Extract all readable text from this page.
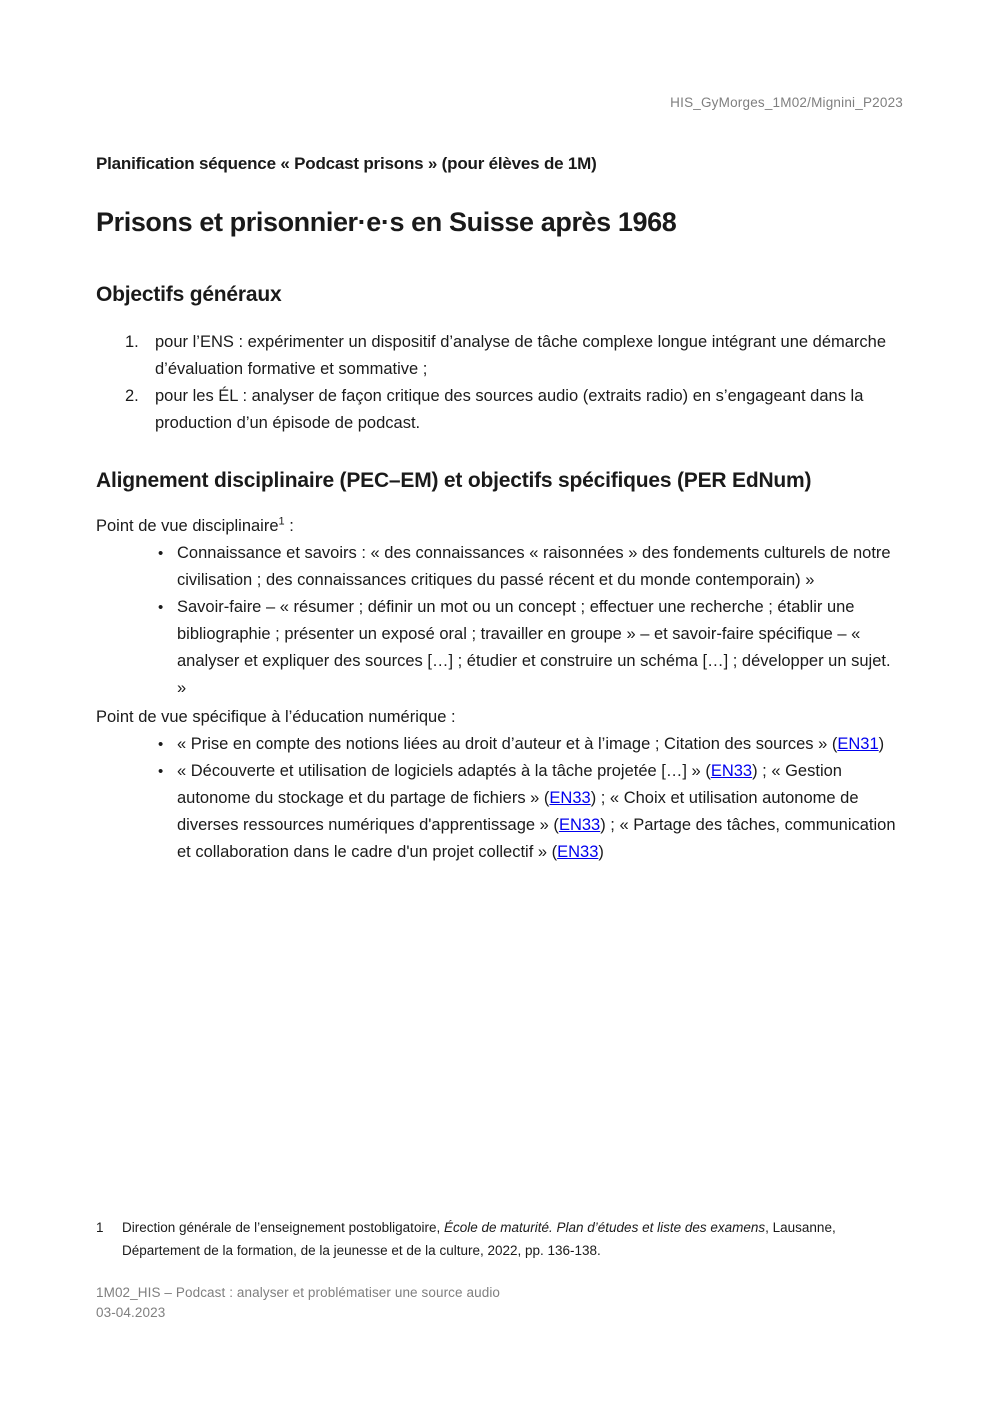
HIS_GyMorges_1M02/Mignini_P2023
Planification séquence « Podcast prisons » (pour élèves de 1M)
Prisons et prisonnier·e·s en Suisse après 1968
Objectifs généraux
1. pour l’ENS : expérimenter un dispositif d’analyse de tâche complexe longue intégrant une démarche d’évaluation formative et sommative ;
2. pour les ÉL : analyser de façon critique des sources audio (extraits radio) en s’engageant dans la production d’un épisode de podcast.
Alignement disciplinaire (PEC–EM) et objectifs spécifiques (PER EdNum)

Point de vue disciplinaire$^1$ :

• Connaissance et savoirs : « des connaissances « raisonnées » des fondements culturels de notre civilisation ; des connaissances critiques du passé récent et du monde contemporain) »
• Savoir-faire – « résumer ; définir un mot ou un concept ; effectuer une recherche ; établir une bibliographie ; présenter un exposé oral ; travailler en groupe » – et savoir-faire spécifique – « analyser et expliquer des sources […] ; étudier et construire un schéma […] ; développer un sujet. »

Point de vue spécifique à l’éducation numérique :

• « Prise en compte des notions liées au droit d’auteur et à l’image ; Citation des sources » (EN31)
• « Découverte et utilisation de logiciels adaptés à la tâche projetée […] » (EN33) ; « Gestion autonome du stockage et du partage de fichiers » (EN33) ; « Choix et utilisation autonome de diverses ressources numériques d'apprentissage » (EN33) ; « Partage des tâches, communication et collaboration dans le cadre d'un projet collectif » (EN33)
1	Direction générale de l’enseignement postobligatoire, École de maturité. Plan d’études et liste des examens, Lausanne, Département de la formation, de la jeunesse et de la culture, 2022, pp. 136-138.
1M02_HIS – Podcast : analyser et problématiser une source audio
03-04.2023
